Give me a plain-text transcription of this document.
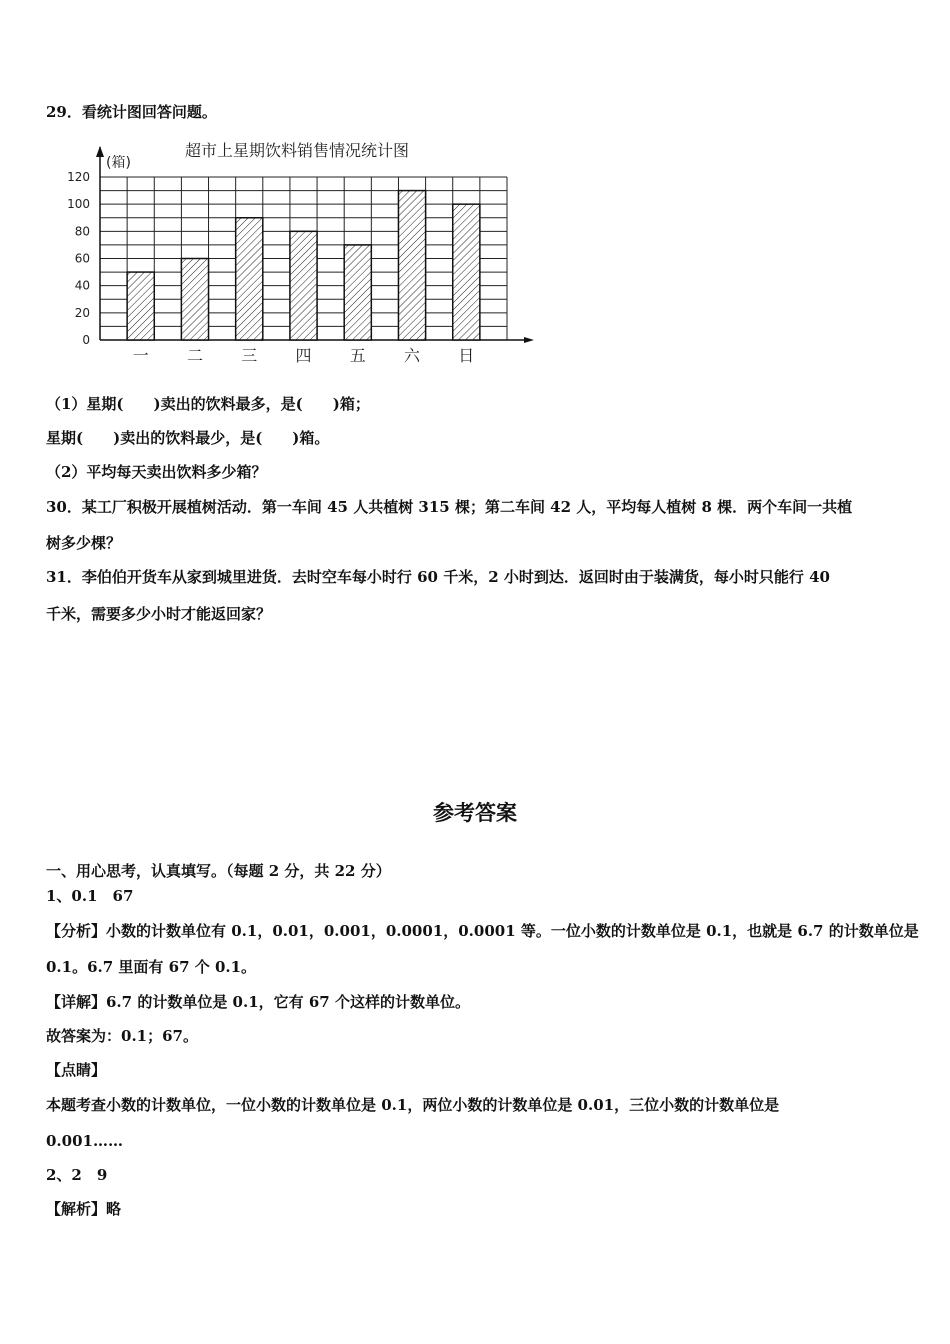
29．看统计图回答问题。
超市上星期饮料销售情况统计图
(箱)
0
20
40
60
80
100
120
一 二 三 四 五 六 日
（1）星期(　　)卖出的饮料最多，是(　　)箱；
星期(　　)卖出的饮料最少，是(　　)箱。
（2）平均每天卖出饮料多少箱？
30．某工厂积极开展植树活动．第一车间 45 人共植树 315 棵；第二车间 42 人，平均每人植树 8 棵．两个车间一共植
树多少棵？
31．李伯伯开货车从家到城里进货．去时空车每小时行 60 千米，2 小时到达．返回时由于装满货，每小时只能行 40
千米，需要多少小时才能返回家？
参考答案
一、用心思考，认真填写。（每题 2 分，共 22 分）
1、0.1　67
【分析】小数的计数单位有 0.1，0.01，0.001，0.0001，0.0001 等。一位小数的计数单位是 0.1，也就是 6.7 的计数单位是
0.1。6.7 里面有 67 个 0.1。
【详解】6.7 的计数单位是 0.1，它有 67 个这样的计数单位。
故答案为：0.1；67。
【点睛】
本题考查小数的计数单位，一位小数的计数单位是 0.1，两位小数的计数单位是 0.01，三位小数的计数单位是
0.001……
2、2　9
【解析】略
